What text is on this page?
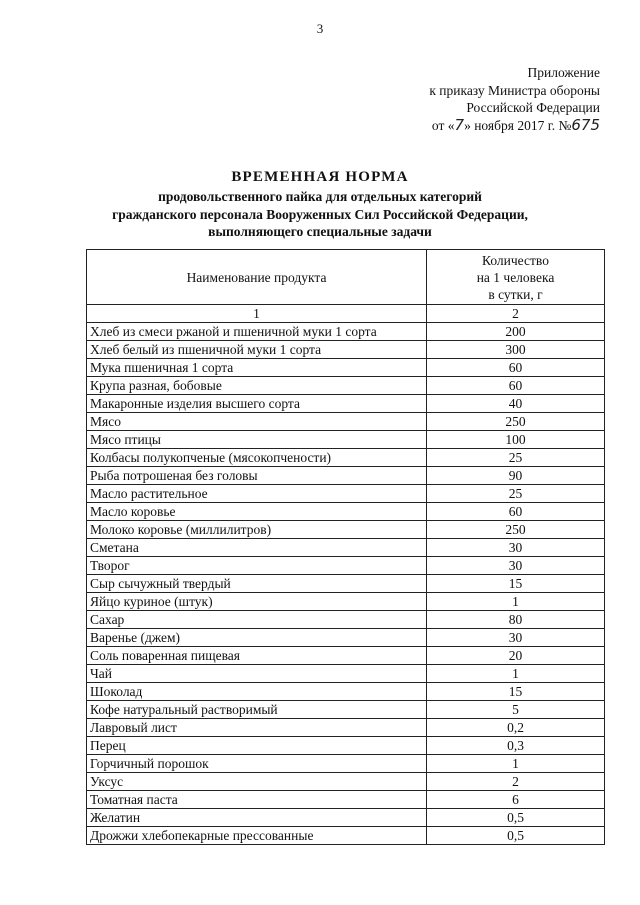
3
Приложение
к приказу Министра обороны
Российской Федерации
от «7» ноября 2017 г. №675
ВРЕМЕННАЯ НОРМА
продовольственного пайка для отдельных категорий
гражданского персонала Вооруженных Сил Российской Федерации,
выполняющего специальные задачи
Наименование продукта	Количество
на 1 человека
в сутки, г

1	2
Хлеб из смеси ржаной и пшеничной муки 1 сорта	200
Хлеб белый из пшеничной муки 1 сорта	300
Мука пшеничная 1 сорта	60
Крупа разная, бобовые	60
Макаронные изделия высшего сорта	40
Мясо	250
Мясо птицы	100
Колбасы полукопченые (мясокопчености)	25
Рыба потрошеная без головы	90
Масло растительное	25
Масло коровье	60
Молоко коровье (миллилитров)	250
Сметана	30
Творог	30
Сыр сычужный твердый	15
Яйцо куриное (штук)	1
Сахар	80
Варенье (джем)	30
Соль поваренная пищевая	20
Чай	1
Шоколад	15
Кофе натуральный растворимый	5
Лавровый лист	0,2
Перец	0,3
Горчичный порошок	1
Уксус	2
Томатная паста	6
Желатин	0,5
Дрожжи хлебопекарные прессованные	0,5
